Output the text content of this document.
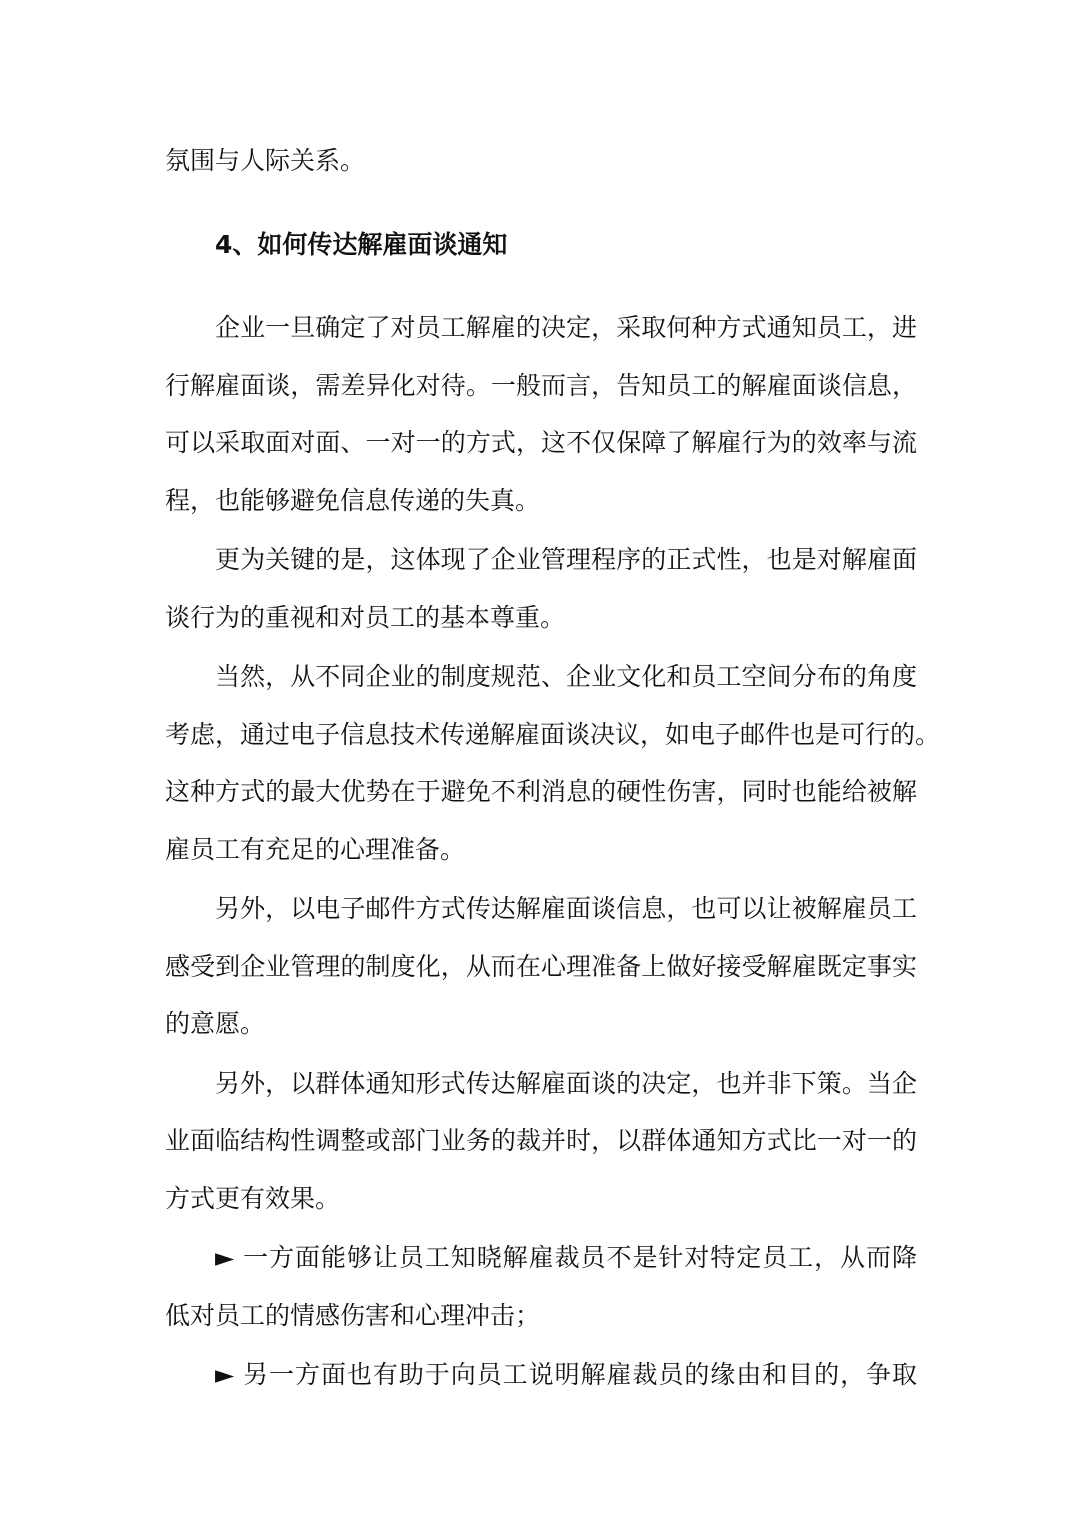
氛围与人际关系。
4、如何传达解雇面谈通知
企业一旦确定了对员工解雇的决定，采取何种方式通知员工，进
行解雇面谈，需差异化对待。一般而言，告知员工的解雇面谈信息，
可以采取面对面、一对一的方式，这不仅保障了解雇行为的效率与流
程，也能够避免信息传递的失真。
更为关键的是，这体现了企业管理程序的正式性，也是对解雇面
谈行为的重视和对员工的基本尊重。
当然，从不同企业的制度规范、企业文化和员工空间分布的角度
考虑，通过电子信息技术传递解雇面谈决议，如电子邮件也是可行的。
这种方式的最大优势在于避免不利消息的硬性伤害，同时也能给被解
雇员工有充足的心理准备。
另外，以电子邮件方式传达解雇面谈信息，也可以让被解雇员工
感受到企业管理的制度化，从而在心理准备上做好接受解雇既定事实
的意愿。
另外，以群体通知形式传达解雇面谈的决定，也并非下策。当企
业面临结构性调整或部门业务的裁并时，以群体通知方式比一对一的
方式更有效果。
► 一方面能够让员工知晓解雇裁员不是针对特定员工，从而降
低对员工的情感伤害和心理冲击；
► 另一方面也有助于向员工说明解雇裁员的缘由和目的，争取
